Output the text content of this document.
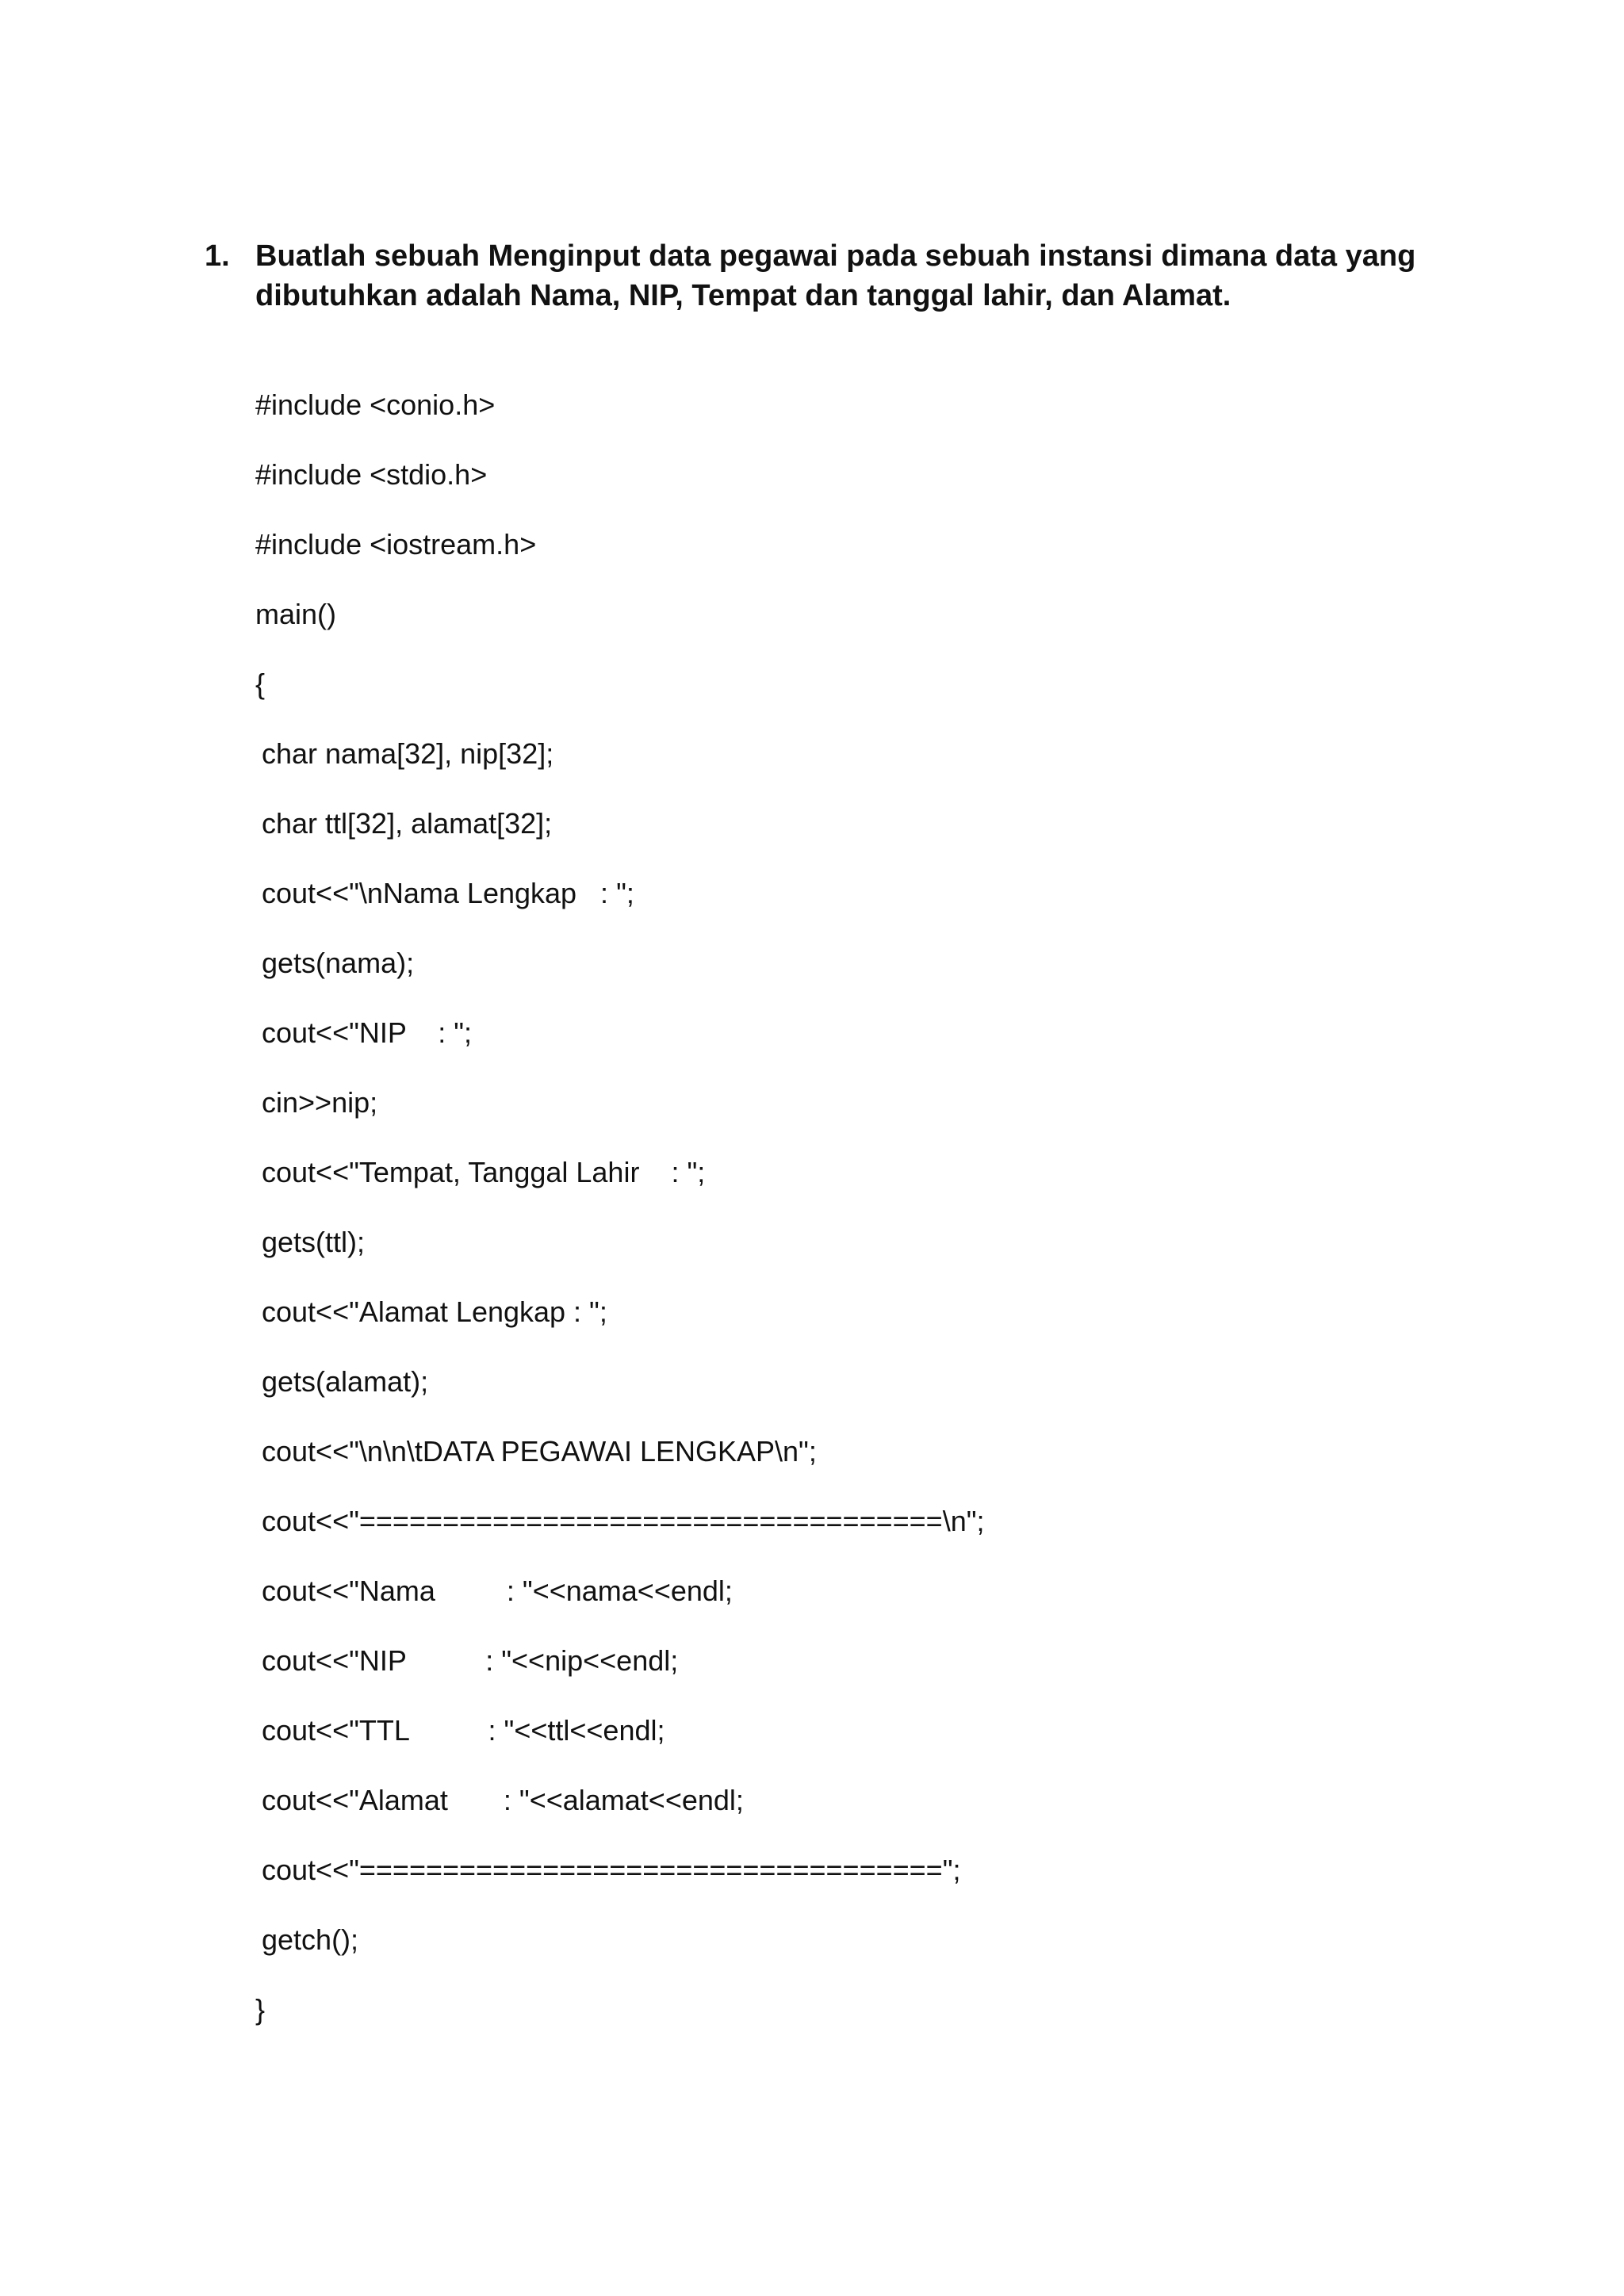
1. Buatlah sebuah Menginput data pegawai pada sebuah instansi dimana data yang dibutuhkan adalah Nama, NIP, Tempat dan tanggal lahir, dan Alamat.
#include <conio.h>
#include <stdio.h>
#include <iostream.h>
main()
{
char nama[32], nip[32];
char ttl[32], alamat[32];
cout<<"\nNama Lengkap   : ";
gets(nama);
cout<<"NIP    : ";
cin>>nip;
cout<<"Tempat, Tanggal Lahir    : ";
gets(ttl);
cout<<"Alamat Lengkap : ";
gets(alamat);
cout<<"\n\n\tDATA PEGAWAI LENGKAP\n";
cout<<"===================================\n";
cout<<"Nama         : "<<nama<<endl;
cout<<"NIP          : "<<nip<<endl;
cout<<"TTL          : "<<ttl<<endl;
cout<<"Alamat       : "<<alamat<<endl;
cout<<"===================================";
getch();
}
